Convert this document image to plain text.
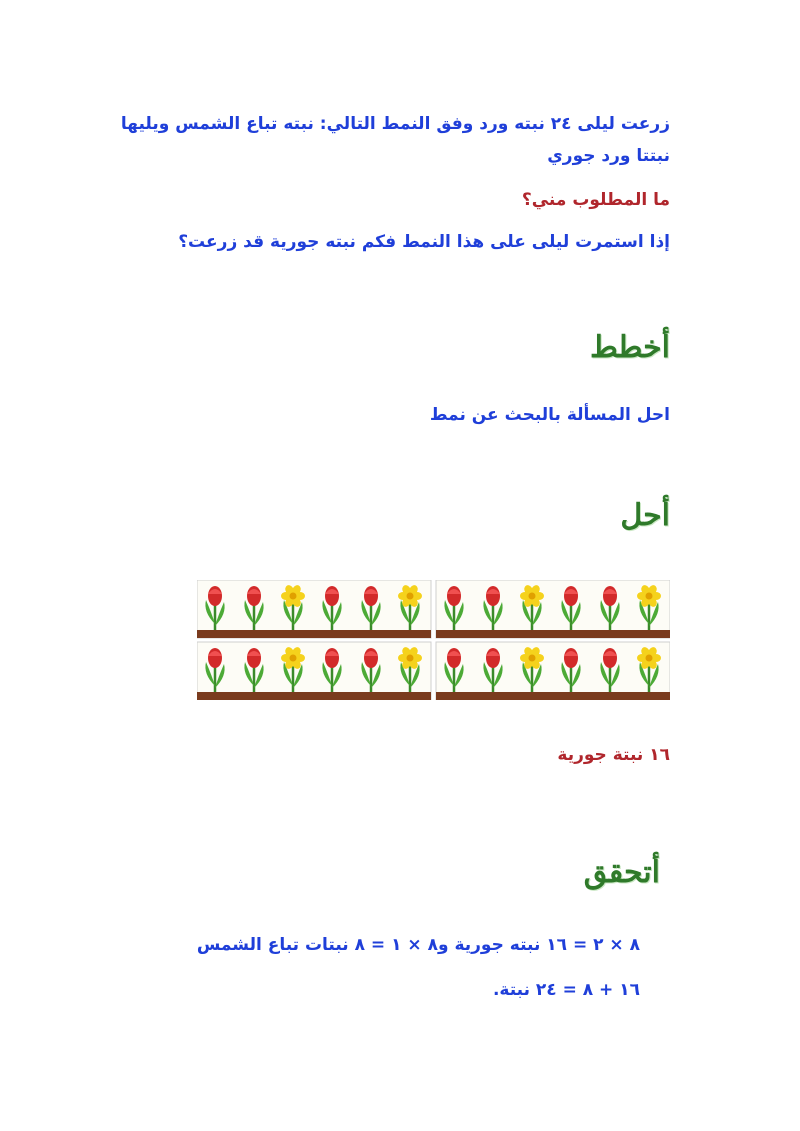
زرعت ليلى ٢٤ نبته ورد وفق النمط التالي: نبته تباع الشمس ويليها نبتتا ورد جوري
ما المطلوب مني؟
إذا استمرت ليلى على هذا النمط فكم نبته جورية قد زرعت؟
أخطط
احل المسألة بالبحث عن نمط
أحل
١٦ نبتة جورية
أتحقق
٨ × ٢ = ١٦ نبته جورية و٨ × ١ = ٨ نبتات تباع الشمس
١٦ + ٨ = ٢٤ نبتة.
